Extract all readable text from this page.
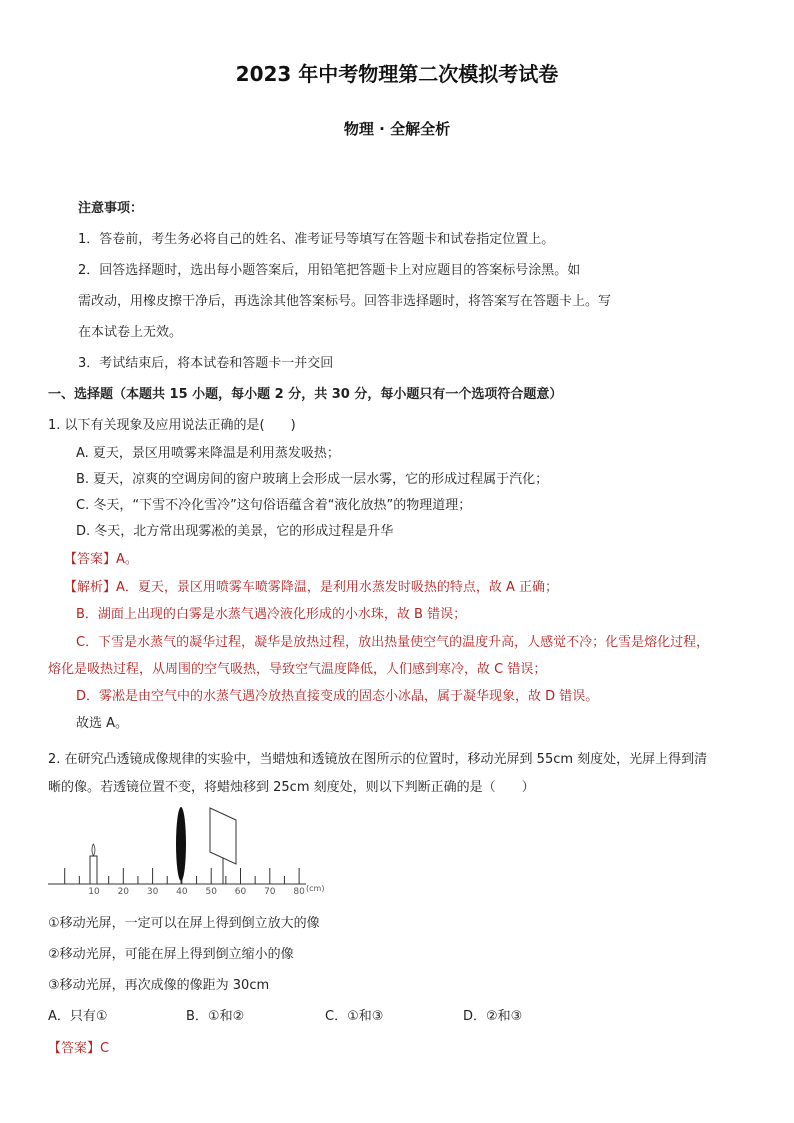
2023 年中考物理第二次模拟考试卷
物理 · 全解全析
注意事项：
1．答卷前，考生务必将自己的姓名、准考证号等填写在答题卡和试卷指定位置上。
2．回答选择题时，选出每小题答案后，用铅笔把答题卡上对应题目的答案标号涂黑。如
需改动，用橡皮擦干净后，再选涂其他答案标号。回答非选择题时，将答案写在答题卡上。写
在本试卷上无效。
3．考试结束后，将本试卷和答题卡一并交回
一、选择题（本题共 15 小题，每小题 2 分，共 30 分，每小题只有一个选项符合题意）
1. 以下有关现象及应用说法正确的是(　　)
A. 夏天，景区用喷雾来降温是利用蒸发吸热；
B. 夏天，凉爽的空调房间的窗户玻璃上会形成一层水雾，它的形成过程属于汽化；
C. 冬天，“下雪不冷化雪冷”这句俗语蕴含着“液化放热”的物理道理；
D. 冬天，北方常出现雾凇的美景，它的形成过程是升华
【答案】A。
【解析】A．夏天，景区用喷雾车喷雾降温，是利用水蒸发时吸热的特点，故 A 正确；
B．湖面上出现的白雾是水蒸气遇冷液化形成的小水珠，故 B 错误；
C．下雪是水蒸气的凝华过程，凝华是放热过程，放出热量使空气的温度升高，人感觉不冷；化雪是熔化过程，
熔化是吸热过程，从周围的空气吸热，导致空气温度降低，人们感到寒冷，故 C 错误；
D．雾凇是由空气中的水蒸气遇冷放热直接变成的固态小冰晶，属于凝华现象，故 D 错误。
故选 A。
2. 在研究凸透镜成像规律的实验中，当蜡烛和透镜放在图所示的位置时，移动光屏到 55cm 刻度处，光屏上得到清
晰的像。若透镜位置不变，将蜡烛移到 25cm 刻度处，则以下判断正确的是（　　）
10 20 30 40 50 60 70 80 (cm)
①移动光屏，一定可以在屏上得到倒立放大的像
②移动光屏，可能在屏上得到倒立缩小的像
③移动光屏，再次成像的像距为 30cm
A．只有①	B．①和②	C．①和③	D．②和③
【答案】C
